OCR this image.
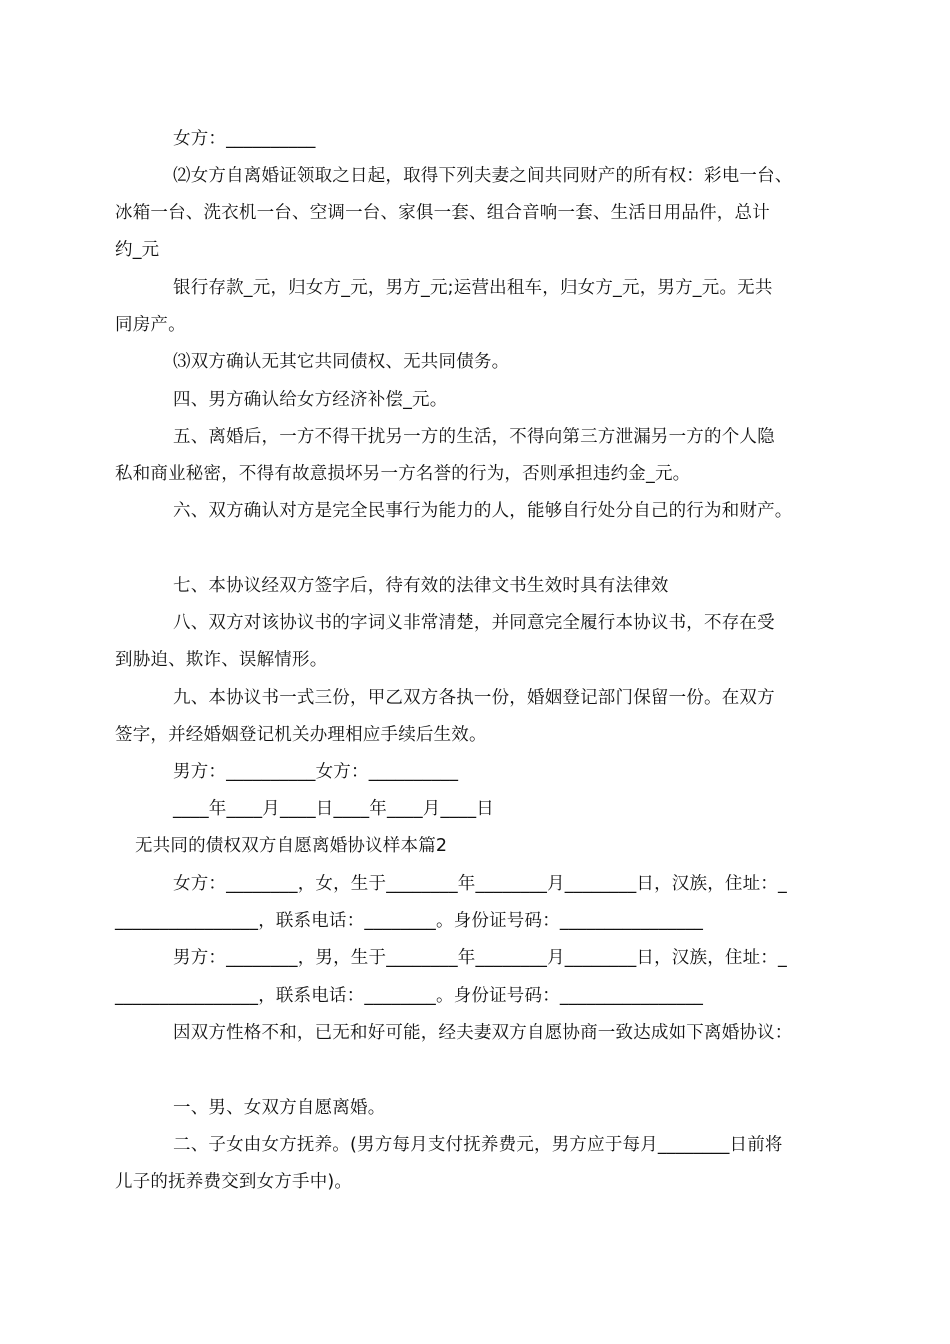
女方：__________
⑵女方自离婚证领取之日起，取得下列夫妻之间共同财产的所有权：彩电一台、
冰箱一台、洗衣机一台、空调一台、家俱一套、组合音响一套、生活日用品件，总计
约_元
银行存款_元，归女方_元，男方_元;运营出租车，归女方_元，男方_元。无共
同房产。
⑶双方确认无其它共同债权、无共同债务。
四、男方确认给女方经济补偿_元。
五、离婚后，一方不得干扰另一方的生活，不得向第三方泄漏另一方的个人隐
私和商业秘密，不得有故意损坏另一方名誉的行为，否则承担违约金_元。
六、双方确认对方是完全民事行为能力的人，能够自行处分自己的行为和财产。
七、本协议经双方签字后，待有效的法律文书生效时具有法律效
八、双方对该协议书的字词义非常清楚，并同意完全履行本协议书，不存在受
到胁迫、欺诈、误解情形。
九、本协议书一式三份，甲乙双方各执一份，婚姻登记部门保留一份。在双方
签字，并经婚姻登记机关办理相应手续后生效。
男方：__________女方：__________
____年____月____日____年____月____日
无共同的债权双方自愿离婚协议样本篇2
女方：________，女，生于________年________月________日，汉族，住址：_
________________，联系电话：________。身份证号码：________________
男方：________，男，生于________年________月________日，汉族，住址：_
________________，联系电话：________。身份证号码：________________
因双方性格不和，已无和好可能，经夫妻双方自愿协商一致达成如下离婚协议：
一、男、女双方自愿离婚。
二、子女由女方抚养。(男方每月支付抚养费元，男方应于每月________日前将
儿子的抚养费交到女方手中)。
